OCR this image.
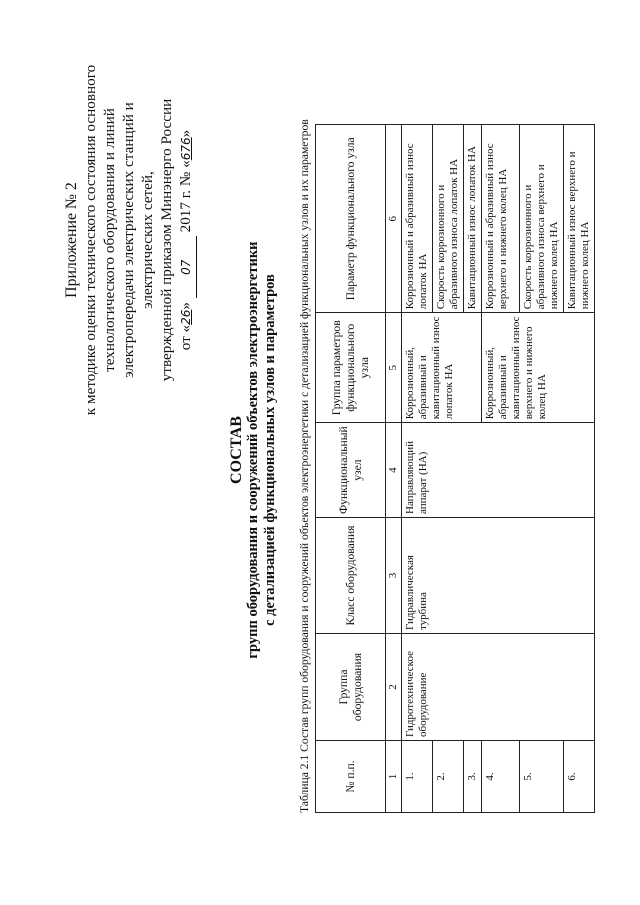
Приложение № 2 к методике оценки технического состояния основного технологического оборудования и линий электропередачи электрических станций и электрических сетей, утвержденной приказом Минэнерго России от «26» 07 2017 г. № «676»
СОСТАВ групп оборудования и сооружений объектов электроэнергетики с детализацией функциональных узлов и параметров Таблица 2.1 Состав групп оборудования и сооружений объектов электроэнергетики с детализацией функциональных узлов и их параметров	№ п.п.	Группа оборудования	Класс оборудования	Функциональный узел	Группа параметров функционального узла	Параметр функционального узла
1	2	3	4	5	6
1.	Гидротехническое оборудование	Гидравлическая турбина	Направляющий аппарат (НА)	Коррозионный, абразивный и кавитационный износ лопаток НА	Коррозионный и абразивный износ лопаток НА
2.					Скорость коррозионного и абразивного износа лопаток НА
3.					Кавитационный износ лопаток НА
4.				Коррозионный, абразивный и кавитационный износ верхнего и нижнего колец НА	Коррозионный и абразивный износ верхнего и нижнего колец НА
5.					Скорость коррозионного и абразивного износа верхнего и нижнего колец НА
6.					Кавитационный износ верхнего и нижнего колец НА
